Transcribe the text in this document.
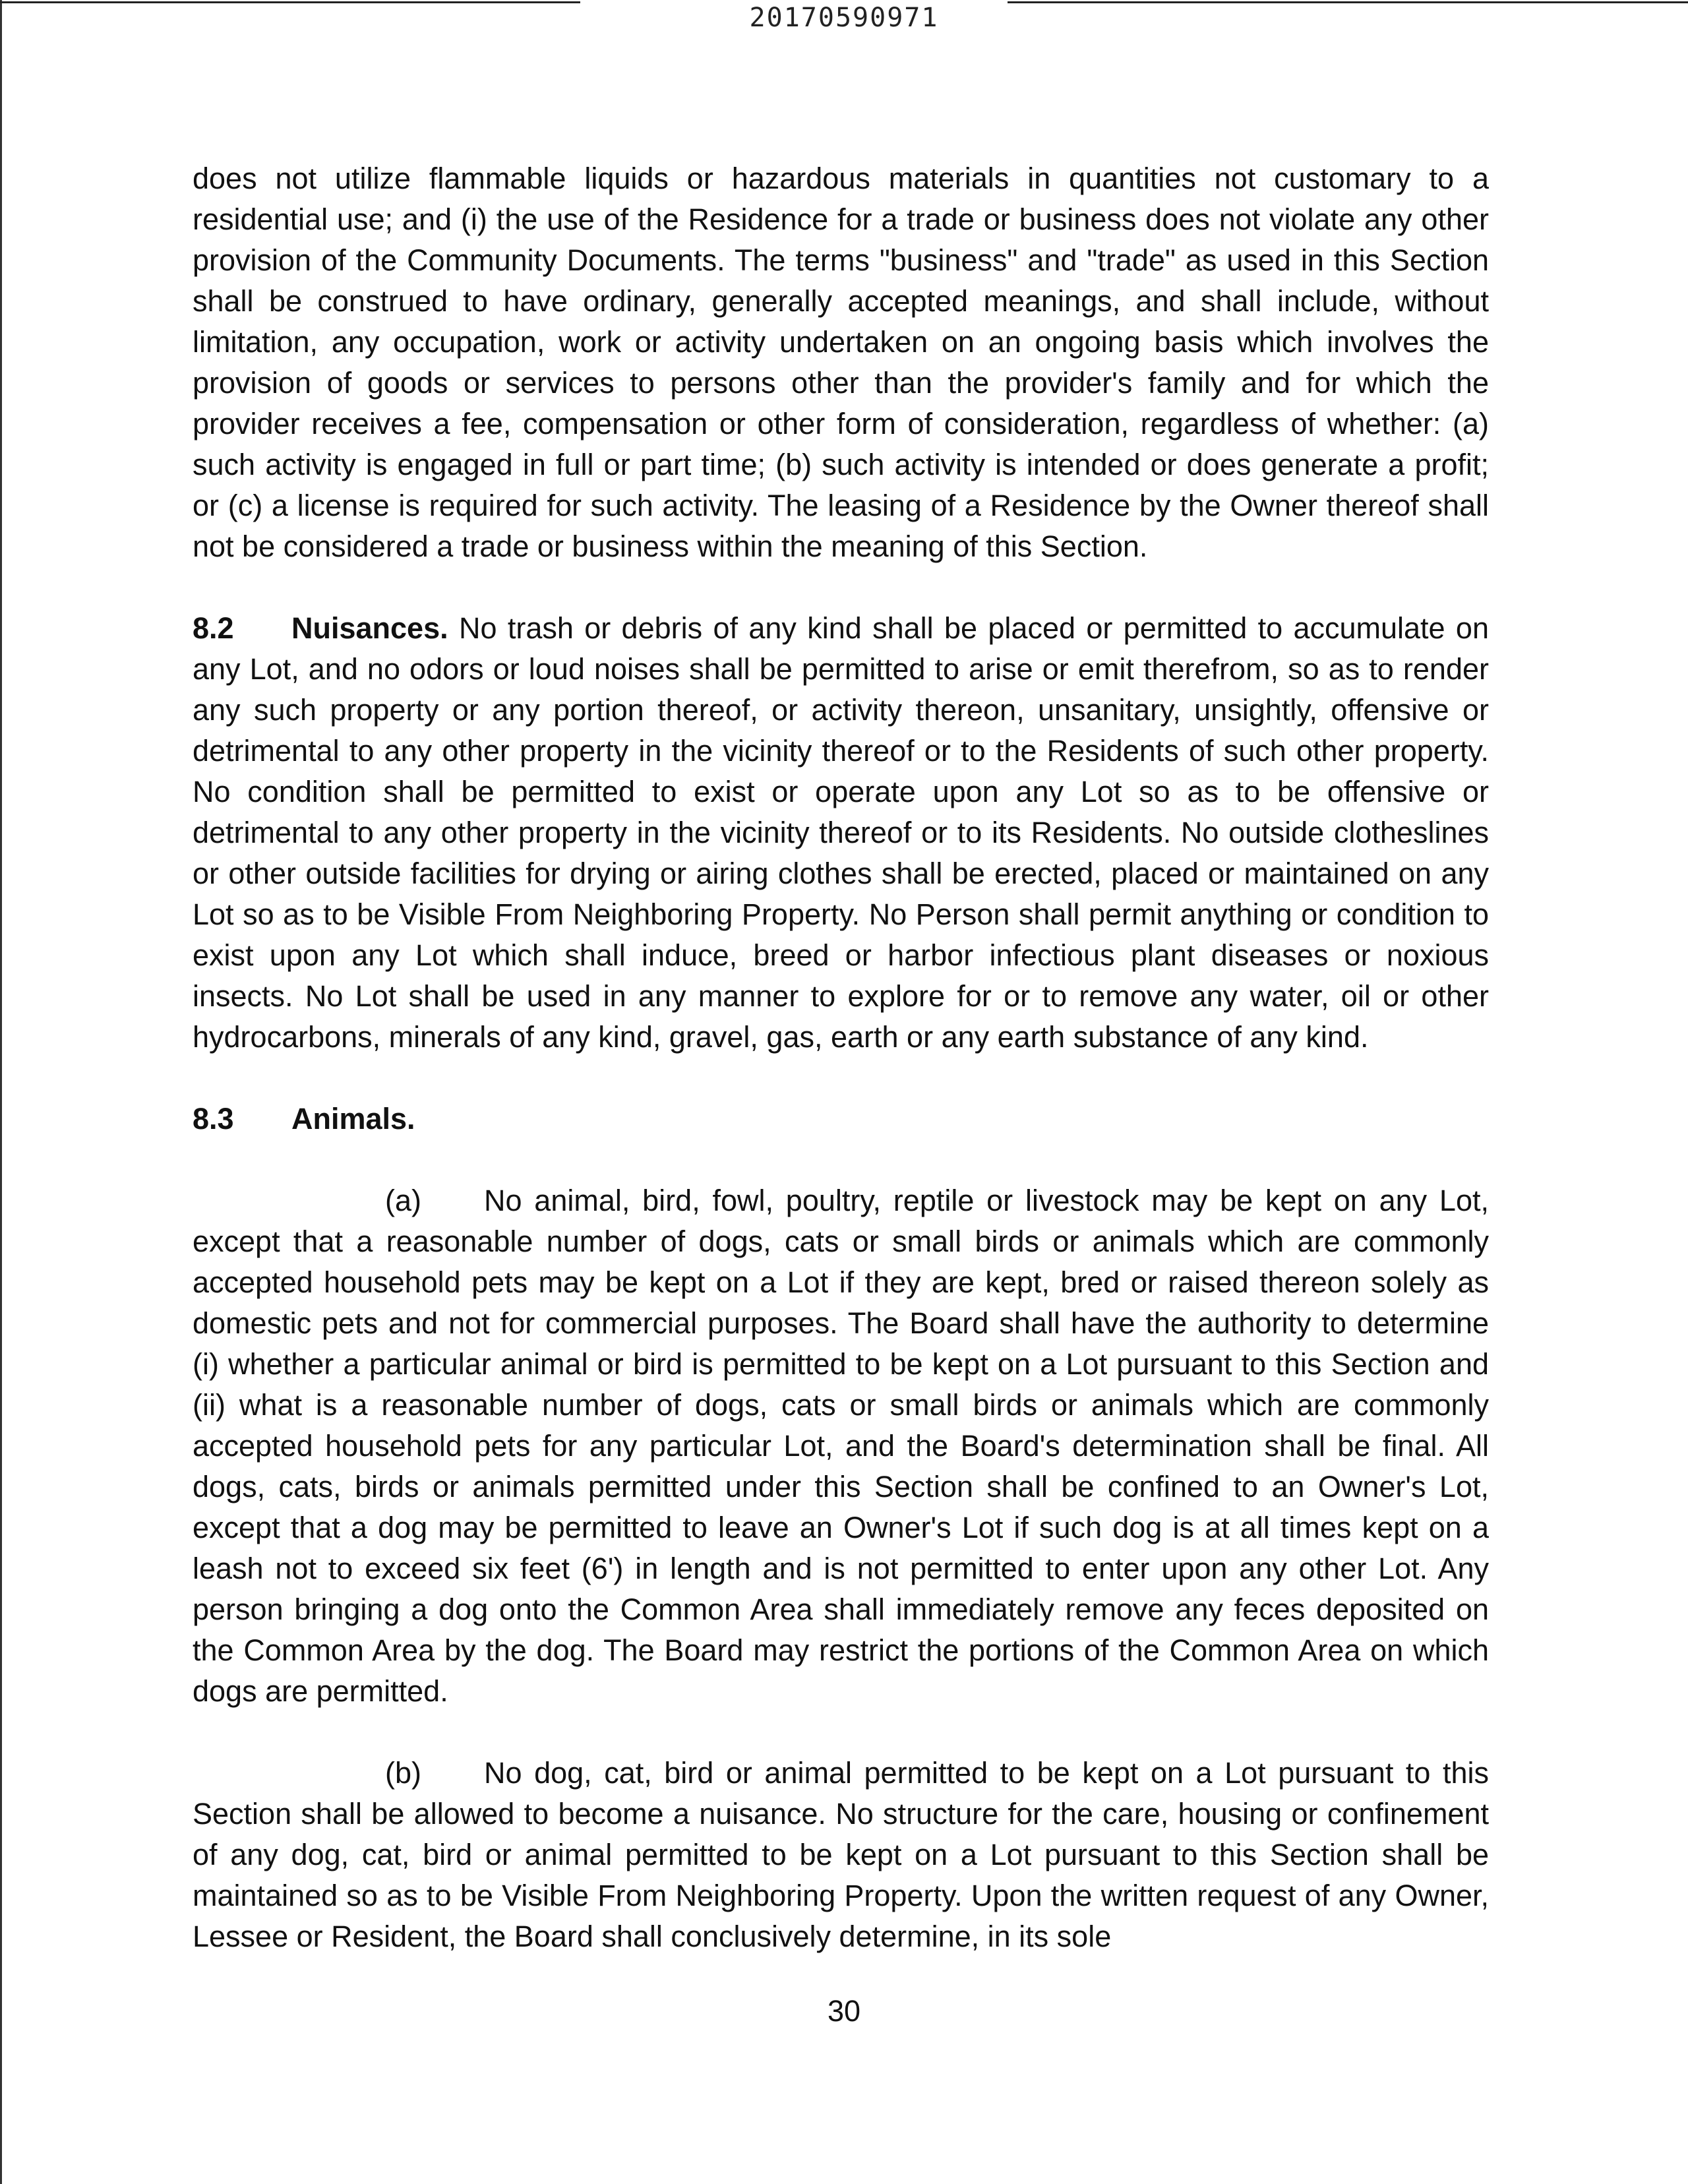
20170590971

does not utilize flammable liquids or hazardous materials in quantities not customary to a residential use; and (i) the use of the Residence for a trade or business does not violate any other provision of the Community Documents. The terms "business" and "trade" as used in this Section shall be construed to have ordinary, generally accepted meanings, and shall include, without limitation, any occupation, work or activity undertaken on an ongoing basis which involves the provision of goods or services to persons other than the provider's family and for which the provider receives a fee, compensation or other form of consideration, regardless of whether: (a) such activity is engaged in full or part time; (b) such activity is intended or does generate a profit; or (c) a license is required for such activity. The leasing of a Residence by the Owner thereof shall not be considered a trade or business within the meaning of this Section.

8.2 Nuisances. No trash or debris of any kind shall be placed or permitted to accumulate on any Lot, and no odors or loud noises shall be permitted to arise or emit therefrom, so as to render any such property or any portion thereof, or activity thereon, unsanitary, unsightly, offensive or detrimental to any other property in the vicinity thereof or to the Residents of such other property. No condition shall be permitted to exist or operate upon any Lot so as to be offensive or detrimental to any other property in the vicinity thereof or to its Residents. No outside clotheslines or other outside facilities for drying or airing clothes shall be erected, placed or maintained on any Lot so as to be Visible From Neighboring Property. No Person shall permit anything or condition to exist upon any Lot which shall induce, breed or harbor infectious plant diseases or noxious insects. No Lot shall be used in any manner to explore for or to remove any water, oil or other hydrocarbons, minerals of any kind, gravel, gas, earth or any earth substance of any kind.

8.3 Animals.

(a) No animal, bird, fowl, poultry, reptile or livestock may be kept on any Lot, except that a reasonable number of dogs, cats or small birds or animals which are commonly accepted household pets may be kept on a Lot if they are kept, bred or raised thereon solely as domestic pets and not for commercial purposes. The Board shall have the authority to determine (i) whether a particular animal or bird is permitted to be kept on a Lot pursuant to this Section and (ii) what is a reasonable number of dogs, cats or small birds or animals which are commonly accepted household pets for any particular Lot, and the Board's determination shall be final. All dogs, cats, birds or animals permitted under this Section shall be confined to an Owner's Lot, except that a dog may be permitted to leave an Owner's Lot if such dog is at all times kept on a leash not to exceed six feet (6') in length and is not permitted to enter upon any other Lot. Any person bringing a dog onto the Common Area shall immediately remove any feces deposited on the Common Area by the dog. The Board may restrict the portions of the Common Area on which dogs are permitted.

(b) No dog, cat, bird or animal permitted to be kept on a Lot pursuant to this Section shall be allowed to become a nuisance. No structure for the care, housing or confinement of any dog, cat, bird or animal permitted to be kept on a Lot pursuant to this Section shall be maintained so as to be Visible From Neighboring Property. Upon the written request of any Owner, Lessee or Resident, the Board shall conclusively determine, in its sole

30
